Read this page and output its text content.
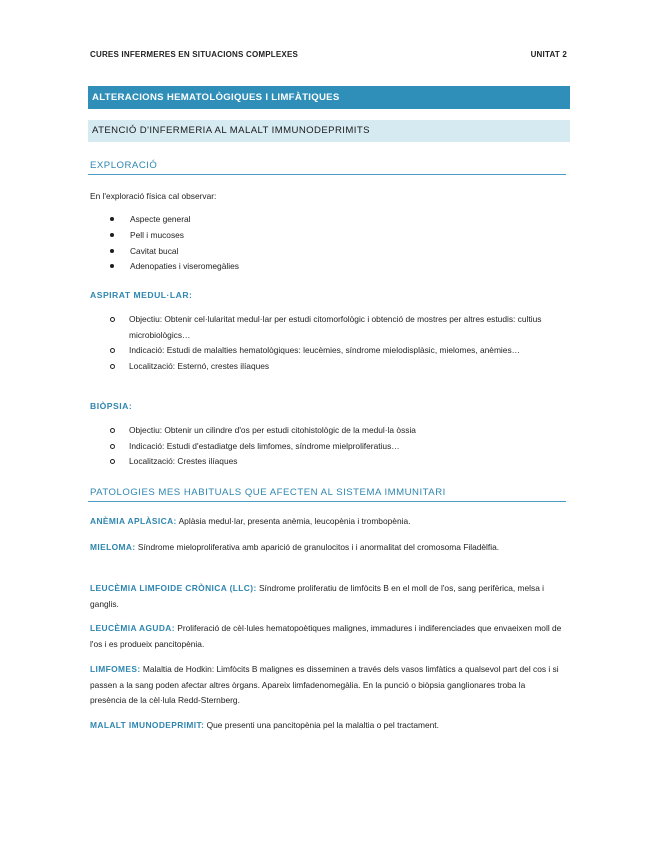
CURES INFERMERES EN SITUACIONS COMPLEXES	UNITAT 2
ALTERACIONS HEMATOLÒGIQUES I LIMFÀTIQUES
ATENCIÓ D'INFERMERIA AL MALALT IMMUNODEPRIMITS
EXPLORACIÓ
En l'exploració física cal observar:
Aspecte general
Pell i mucoses
Cavitat bucal
Adenopaties i viseromegàlies
ASPIRAT MEDUL·LAR:
Objectiu: Obtenir cel·lularitat medul·lar per estudi citomorfològic i obtenció de mostres per altres estudis: cultius microbiològics…
Indicació: Estudi de malalties hematològiques: leucèmies, síndrome mielodisplàsic, mielomes, anèmies…
Localització: Esternó, crestes ilíaques
BIÒPSIA:
Objectiu: Obtenir un cilindre d'os per estudi citohistològic de la medul·la òssia
Indicació: Estudi d'estadiatge dels limfomes, síndrome mielproliferatius…
Localització: Crestes ilíaques
PATOLOGIES MES HABITUALS QUE AFECTEN AL SISTEMA IMMUNITARI
ANÈMIA APLÀSICA: Aplàsia medul·lar, presenta anèmia, leucopènia i trombopènia.
MIELOMA: Síndrome mieloproliferativa amb aparició de granulocitos i i anormalitat del cromosoma Filadèlfia.
LEUCÈMIA LIMFOIDE CRÒNICA (LLC): Síndrome proliferatiu de limfòcits B en el moll de l'os, sang perifèrica, melsa i ganglis.
LEUCÈMIA AGUDA: Proliferació de cèl·lules hematopoètiques malignes, immadures i indiferenciades que envaeixen moll de l'os i es produeix pancitopènia.
LIMFOMES: Malaltia de Hodkin: Limfòcits B malignes es disseminen a través dels vasos limfàtics a qualsevol part del cos i si passen a la sang poden afectar altres òrgans. Apareix limfadenomegàlia. En la punció o biòpsia ganglionares troba la presència de la cèl·lula Redd-Sternberg.
MALALT IMUNODEPRIMIT: Que presenti una pancitopènia pel la malaltia o pel tractament.
